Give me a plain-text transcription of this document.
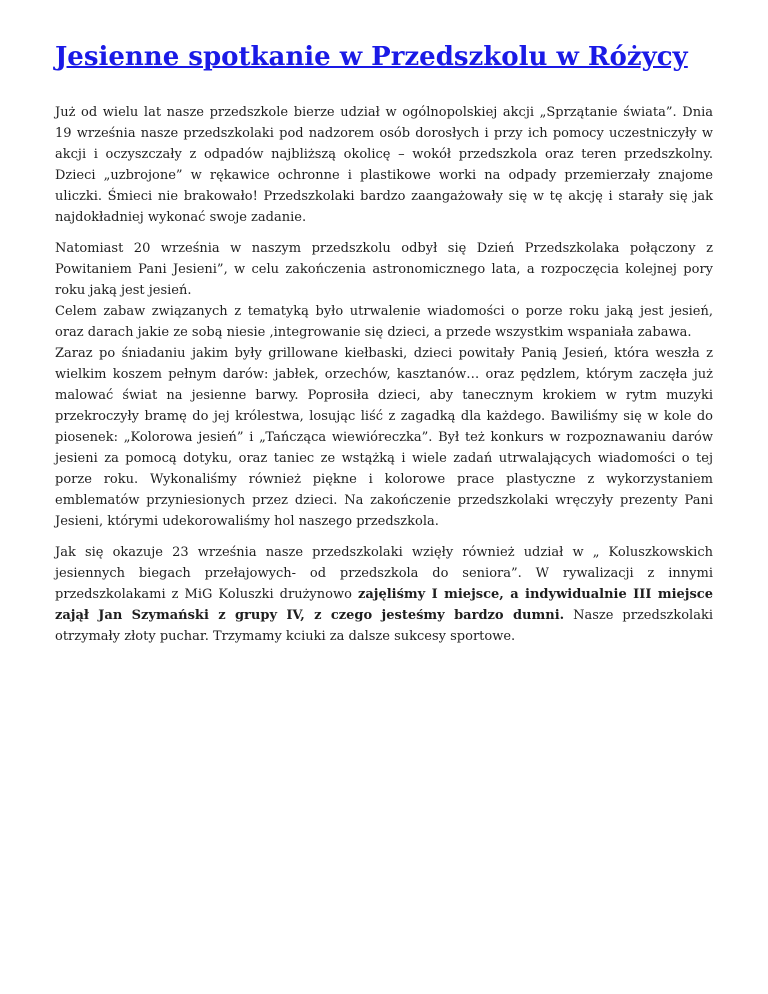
Jesienne spotkanie w Przedszkolu w Różycy

Już od wielu lat nasze przedszkole bierze udział w ogólnopolskiej akcji „Sprzątanie świata”. Dnia 19 września nasze przedszkolaki pod nadzorem osób dorosłych i przy ich pomocy uczestniczyły w akcji i oczyszczały z odpadów najbliższą okolicę – wokół przedszkola oraz teren przedszkolny. Dzieci „uzbrojone” w rękawice ochronne i plastikowe worki na odpady przemierzały znajome uliczki. Śmieci nie brakowało! Przedszkolaki bardzo zaangażowały się w tę akcję i starały się jak najdokładniej wykonać swoje zadanie.

Natomiast 20 września w naszym przedszkolu odbył się Dzień Przedszkolaka połączony z Powitaniem Pani Jesieni”, w celu zakończenia astronomicznego lata, a rozpoczęcia kolejnej pory roku jaką jest jesień.

Celem zabaw związanych z tematyką było utrwalenie wiadomości o porze roku jaką jest jesień, oraz darach jakie ze sobą niesie ,integrowanie się dzieci, a przede wszystkim wspaniała zabawa.

Zaraz po śniadaniu jakim były grillowane kiełbaski, dzieci powitały Panią Jesień, która weszła z wielkim koszem pełnym darów: jabłek, orzechów, kasztanów… oraz pędzlem, którym zaczęła już malować świat na jesienne barwy. Poprosiła dzieci, aby tanecznym krokiem w rytm muzyki przekroczyły bramę do jej królestwa, losując liść z zagadką dla każdego. Bawiliśmy się w kole do piosenek: „Kolorowa jesień” i „Tańcząca wiewióreczka”. Był też konkurs w rozpoznawaniu darów jesieni za pomocą dotyku, oraz taniec ze wstążką i wiele zadań utrwalających wiadomości o tej porze roku. Wykonaliśmy również piękne i kolorowe prace plastyczne z wykorzystaniem emblematów przyniesionych przez dzieci. Na zakończenie przedszkolaki wręczyły prezenty Pani Jesieni, którymi udekorowaliśmy hol naszego przedszkola.

Jak się okazuje 23 września nasze przedszkolaki wzięły również udział w „ Koluszkowskich jesiennych biegach przełajowych- od przedszkola do seniora”. W rywalizacji z innymi przedszkolakami z MiG Koluszki drużynowo zajęliśmy I miejsce, a indywidualnie III miejsce zajął Jan Szymański z grupy IV, z czego jesteśmy bardzo dumni. Nasze przedszkolaki otrzymały złoty puchar. Trzymamy kciuki za dalsze sukcesy sportowe.
